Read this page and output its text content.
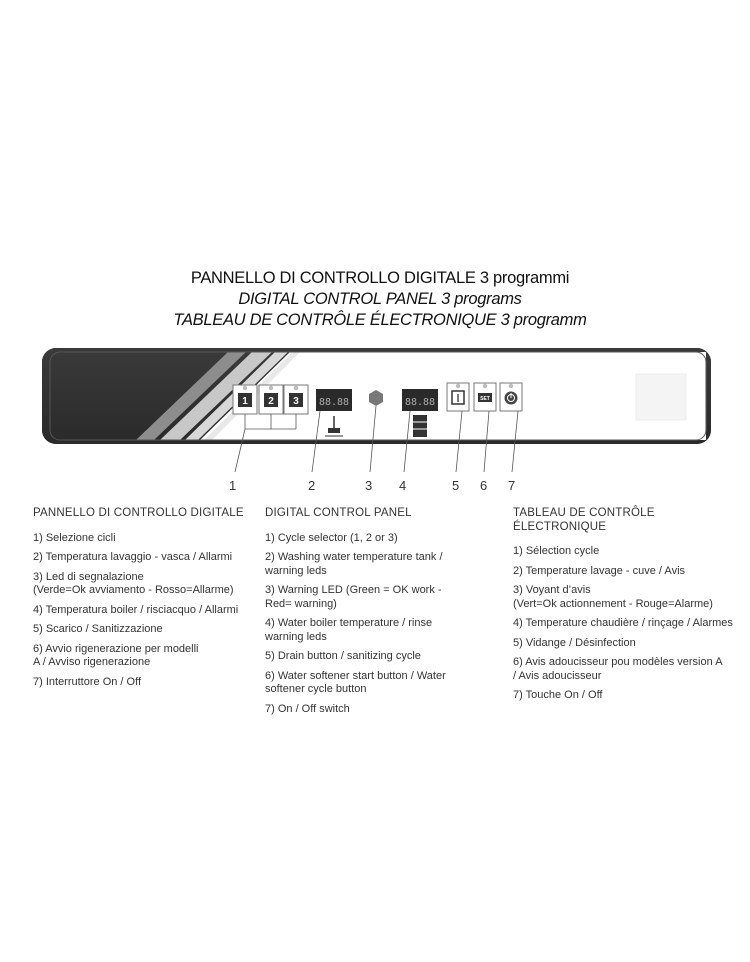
PANNELLO DI CONTROLLO DIGITALE 3 programmi
DIGITAL CONTROL PANEL 3 programs
TABLEAU DE CONTRÔLE ÉLECTRONIQUE 3 programm
1 2 3 88.88	88.88	SET
1	2	3 4	5 6 7
PANNELLO DI CONTROLLO DIGITALE
1) Selezione cicli
2) Temperatura lavaggio - vasca / Allarmi
3) Led di segnalazione
(Verde=Ok avviamento - Rosso=Allarme)
4) Temperatura boiler / risciacquo / Allarmi
5) Scarico / Sanitizzazione
6) Avvio rigenerazione per modelli
A / Avviso rigenerazione
7) Interruttore On / Off
DIGITAL CONTROL PANEL
1) Cycle selector (1, 2 or 3)
2) Washing water temperature tank /
warning leds
3) Warning LED (Green = OK work -
Red= warning)
4) Water boiler temperature / rinse
warning leds
5) Drain button / sanitizing cycle
6) Water softener start button / Water
softener cycle button
7) On / Off switch
TABLEAU DE CONTRÔLE ÉLECTRONIQUE
1) Sélection cycle
2) Temperature lavage - cuve / Avis
3) Voyant d’avis
(Vert=Ok actionnement - Rouge=Alarme)
4) Temperature chaudière / rinçage / Alarmes
5) Vidange / Désinfection
6) Avis adoucisseur pou modèles version A
/ Avis adoucisseur
7) Touche On / Off
